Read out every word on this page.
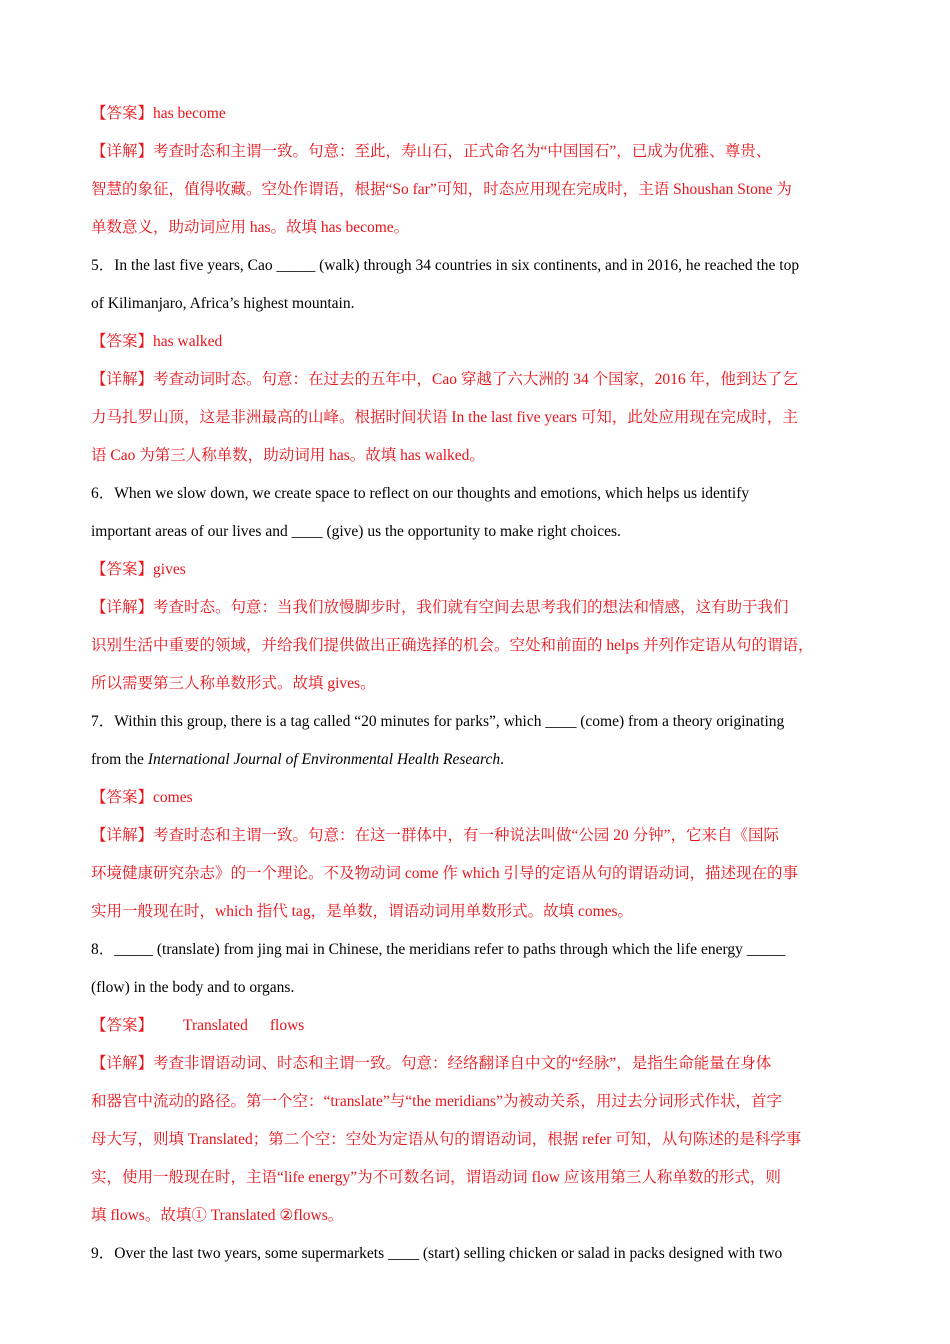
【答案】has become
【详解】考查时态和主谓一致。句意：至此，寿山石，正式命名为“中国国石”，已成为优雅、尊贵、
智慧的象征，值得收藏。空处作谓语，根据“So far”可知，时态应用现在完成时，主语 Shoushan Stone 为
单数意义，助动词应用 has。故填 has become。
5．In the last five years, Cao _____ (walk) through 34 countries in six continents, and in 2016, he reached the top
of Kilimanjaro, Africa’s highest mountain.
【答案】has walked
【详解】考查动词时态。句意：在过去的五年中，Cao 穿越了六大洲的 34 个国家，2016 年，他到达了乞
力马扎罗山顶，这是非洲最高的山峰。根据时间状语 In the last five years 可知，此处应用现在完成时，主
语 Cao 为第三人称单数，助动词用 has。故填 has walked。
6．When we slow down, we create space to reflect on our thoughts and emotions, which helps us identify
important areas of our lives and ____ (give) us the opportunity to make right choices.
【答案】gives
【详解】考查时态。句意：当我们放慢脚步时，我们就有空间去思考我们的想法和情感，这有助于我们
识别生活中重要的领域，并给我们提供做出正确选择的机会。空处和前面的 helps 并列作定语从句的谓语，
所以需要第三人称单数形式。故填 gives。
7．Within this group, there is a tag called “20 minutes for parks”, which ____ (come) from a theory originating
from the International Journal of Environmental Health Research.
【答案】comes
【详解】考查时态和主谓一致。句意：在这一群体中，有一种说法叫做“公园 20 分钟”，它来自《国际
环境健康研究杂志》的一个理论。不及物动词 come 作 which 引导的定语从句的谓语动词，描述现在的事
实用一般现在时，which 指代 tag，是单数，谓语动词用单数形式。故填 comes。
8．_____ (translate) from jing mai in Chinese, the meridians refer to paths through which the life energy _____
(flow) in the body and to organs.
【答案】 Translated flows
【详解】考查非谓语动词、时态和主谓一致。句意：经络翻译自中文的“经脉”，是指生命能量在身体
和器官中流动的路径。第一个空：“translate”与“the meridians”为被动关系，用过去分词形式作状，首字
母大写，则填 Translated；第二个空：空处为定语从句的谓语动词，根据 refer 可知，从句陈述的是科学事
实，使用一般现在时，主语“life energy”为不可数名词，谓语动词 flow 应该用第三人称单数的形式，则
填 flows。故填① Translated ②flows。
9．Over the last two years, some supermarkets ____ (start) selling chicken or salad in packs designed with two
